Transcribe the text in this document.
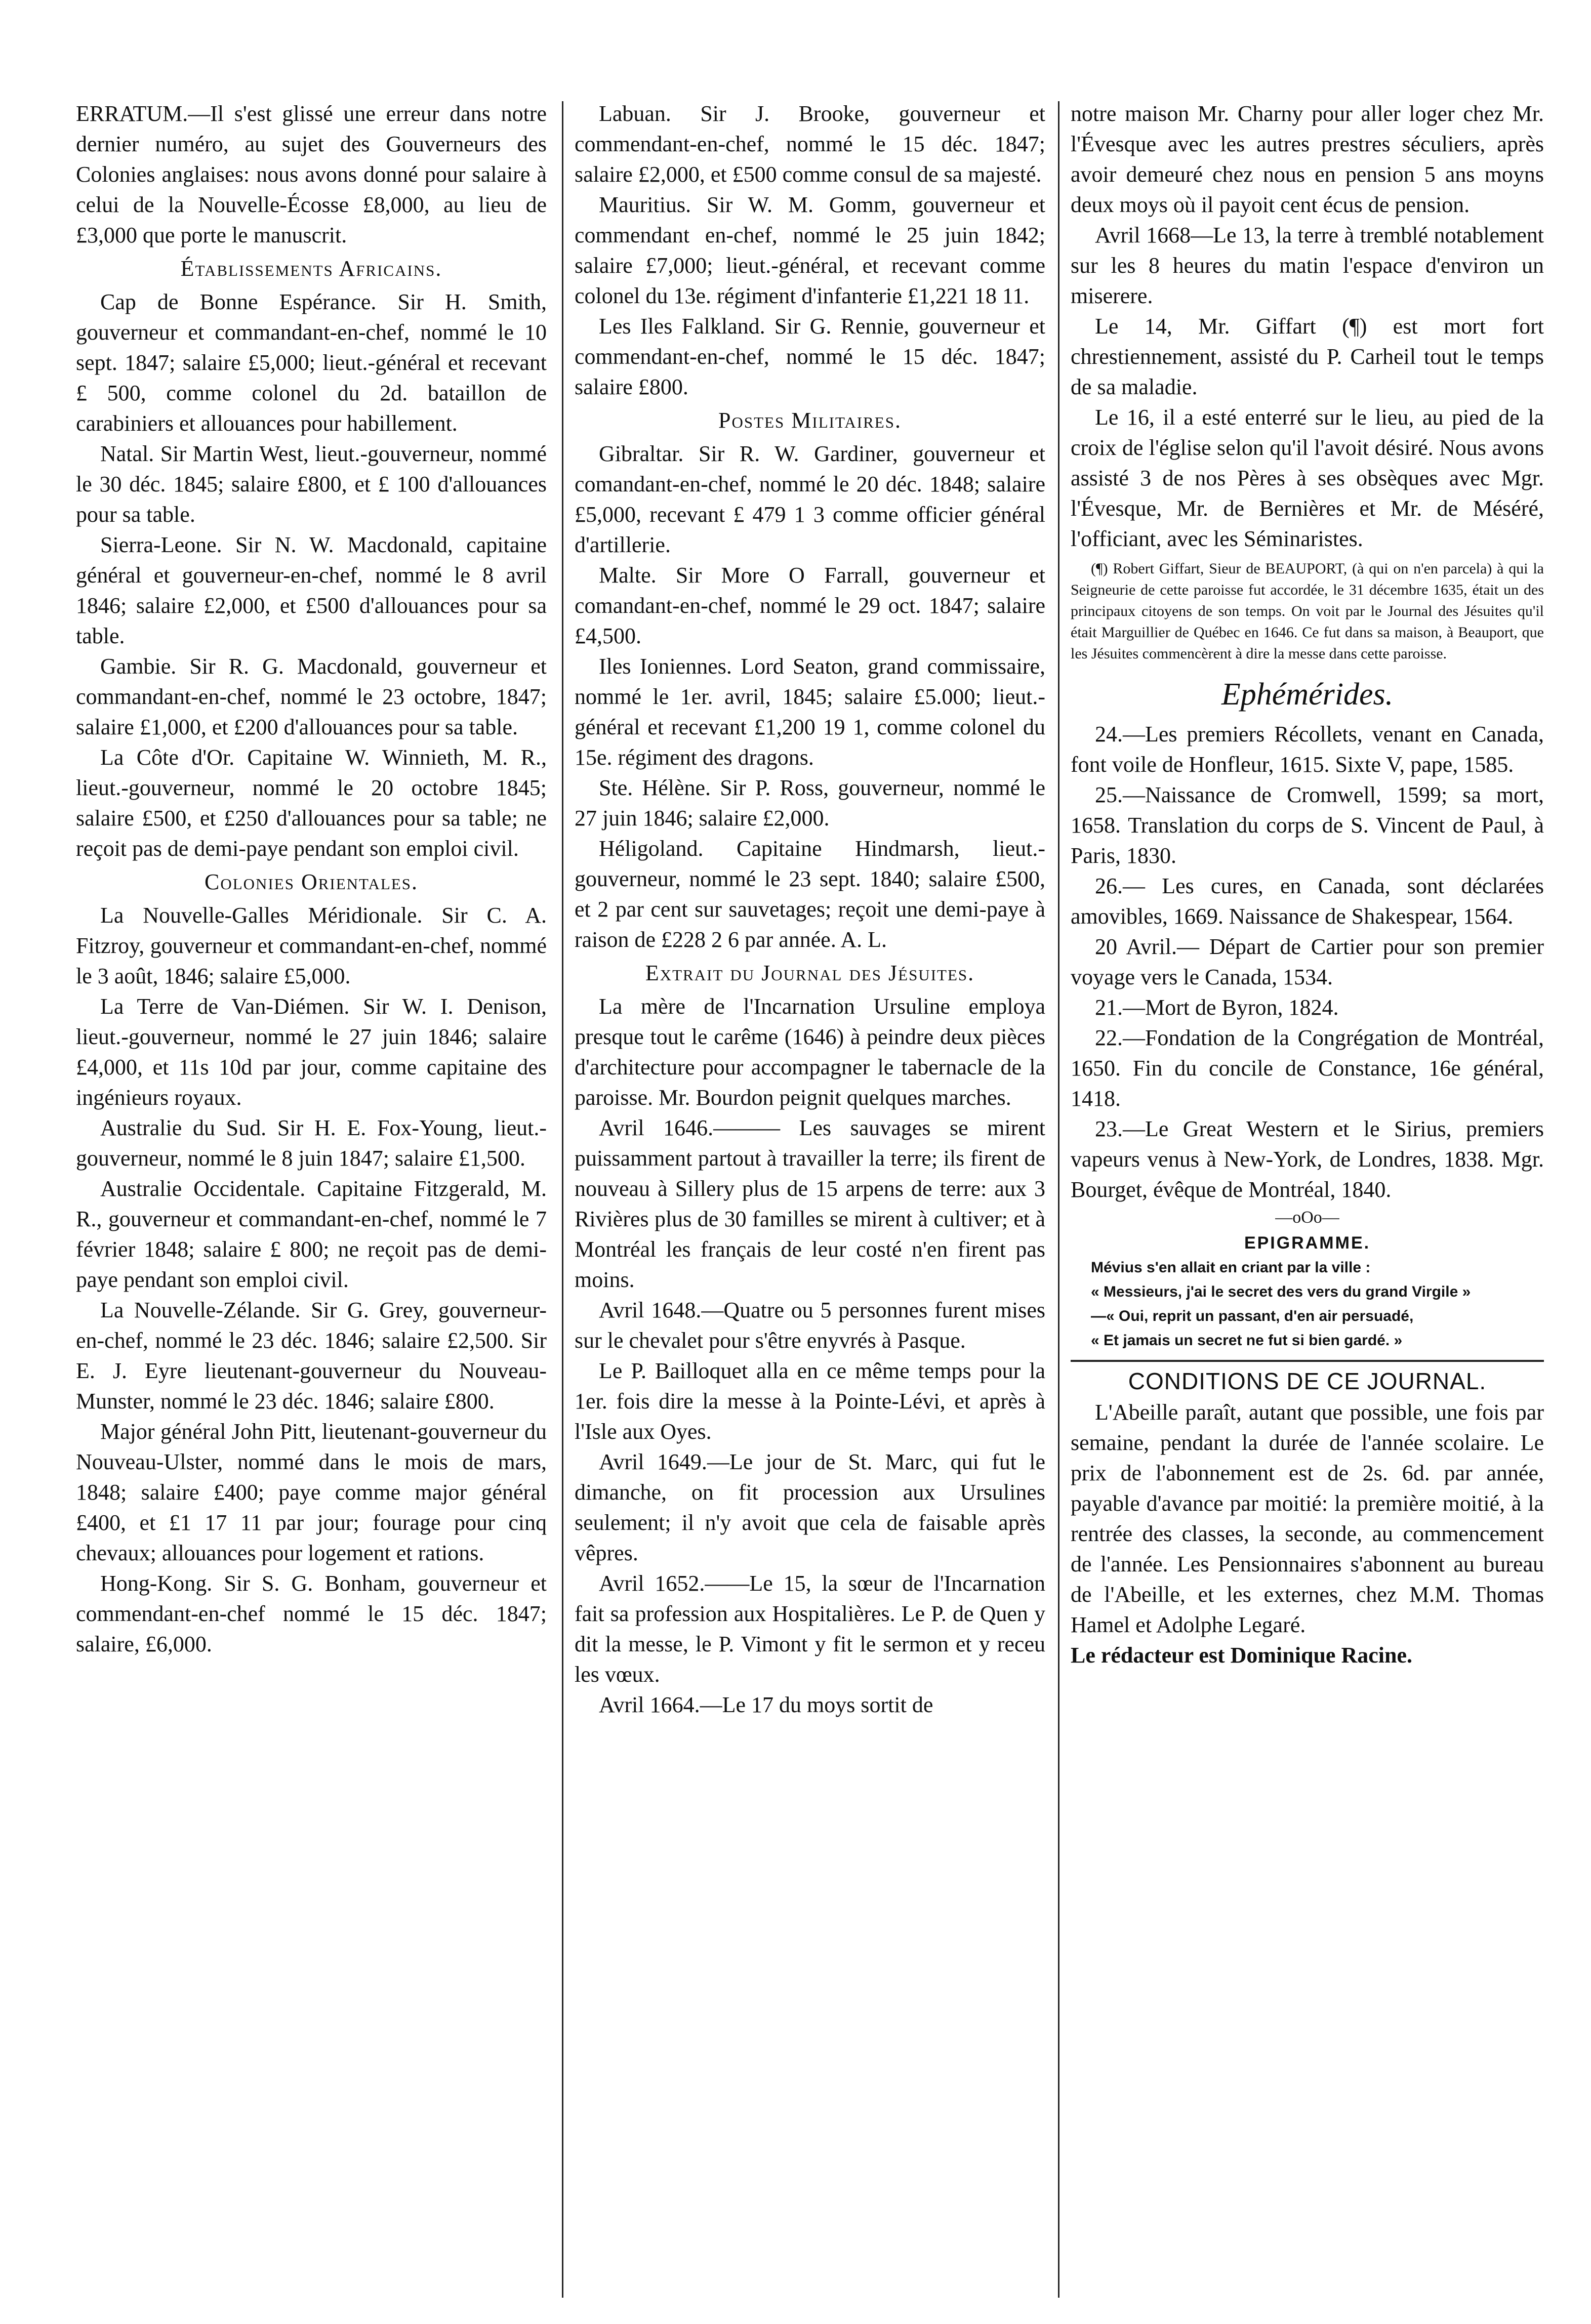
ERRATUM.—Il s'est glissé une erreur dans notre dernier numéro, au sujet des Gouverneurs des Colonies anglaises: nous avons donné pour salaire à celui de la Nouvelle-Écosse £8,000, au lieu de £3,000 que porte le manuscrit.

Établissements Africains.

Cap de Bonne Espérance. Sir H. Smith, gouverneur et commandant-en-chef, nommé le 10 sept. 1847; salaire £5,000; lieut.-général et recevant £ 500, comme colonel du 2d. bataillon de carabiniers et allouances pour habillement.

Natal. Sir Martin West, lieut.-gouverneur, nommé le 30 déc. 1845; salaire £800, et £ 100 d'allouances pour sa table.

Sierra-Leone. Sir N. W. Macdonald, capitaine général et gouverneur-en-chef, nommé le 8 avril 1846; salaire £2,000, et £500 d'allouances pour sa table.

Gambie. Sir R. G. Macdonald, gouverneur et commandant-en-chef, nommé le 23 octobre, 1847; salaire £1,000, et £200 d'allouances pour sa table.

La Côte d'Or. Capitaine W. Winnieth, M. R., lieut.-gouverneur, nommé le 20 octobre 1845; salaire £500, et £250 d'allouances pour sa table; ne reçoit pas de demi-paye pendant son emploi civil.

Colonies Orientales.

La Nouvelle-Galles Méridionale. Sir C. A. Fitzroy, gouverneur et commandant-en-chef, nommé le 3 août, 1846; salaire £5,000.

La Terre de Van-Diémen. Sir W. I. Denison, lieut.-gouverneur, nommé le 27 juin 1846; salaire £4,000, et 11s 10d par jour, comme capitaine des ingénieurs royaux.

Australie du Sud. Sir H. E. Fox-Young, lieut.-gouverneur, nommé le 8 juin 1847; salaire £1,500.

Australie Occidentale. Capitaine Fitzgerald, M. R., gouverneur et commandant-en-chef, nommé le 7 février 1848; salaire £ 800; ne reçoit pas de demi-paye pendant son emploi civil.

La Nouvelle-Zélande. Sir G. Grey, gouverneur-en-chef, nommé le 23 déc. 1846; salaire £2,500. Sir E. J. Eyre lieutenant-gouverneur du Nouveau-Munster, nommé le 23 déc. 1846; salaire £800.

Major général John Pitt, lieutenant-gouverneur du Nouveau-Ulster, nommé dans le mois de mars, 1848; salaire £400; paye comme major général £400, et £1 17 11 par jour; fourage pour cinq chevaux; allouances pour logement et rations.

Hong-Kong. Sir S. G. Bonham, gouverneur et commendant-en-chef nommé le 15 déc. 1847; salaire, £6,000.

Labuan. Sir J. Brooke, gouverneur et commendant-en-chef, nommé le 15 déc. 1847; salaire £2,000, et £500 comme consul de sa majesté.

Mauritius. Sir W. M. Gomm, gouverneur et commendant en-chef, nommé le 25 juin 1842; salaire £7,000; lieut.-général, et recevant comme colonel du 13e. régiment d'infanterie £1,221 18 11.

Les Iles Falkland. Sir G. Rennie, gouverneur et commendant-en-chef, nommé le 15 déc. 1847; salaire £800.

Postes Militaires.

Gibraltar. Sir R. W. Gardiner, gouverneur et comandant-en-chef, nommé le 20 déc. 1848; salaire £5,000, recevant £ 479 1 3 comme officier général d'artillerie.

Malte. Sir More O Farrall, gouverneur et comandant-en-chef, nommé le 29 oct. 1847; salaire £4,500.

Iles Ioniennes. Lord Seaton, grand commissaire, nommé le 1er. avril, 1845; salaire £5.000; lieut.-général et recevant £1,200 19 1, comme colonel du 15e. régiment des dragons.

Ste. Hélène. Sir P. Ross, gouverneur, nommé le 27 juin 1846; salaire £2,000.

Héligoland. Capitaine Hindmarsh, lieut.-gouverneur, nommé le 23 sept. 1840; salaire £500, et 2 par cent sur sauvetages; reçoit une demi-paye à raison de £228 2 6 par année. A. L.

Extrait du Journal des Jésuites.

La mère de l'Incarnation Ursuline employa presque tout le carême (1646) à peindre deux pièces d'architecture pour accompagner le tabernacle de la paroisse. Mr. Bourdon peignit quelques marches.

Avril 1646.——— Les sauvages se mirent puissamment partout à travailler la terre; ils firent de nouveau à Sillery plus de 15 arpens de terre: aux 3 Rivières plus de 30 familles se mirent à cultiver; et à Montréal les français de leur costé n'en firent pas moins.

Avril 1648.—Quatre ou 5 personnes furent mises sur le chevalet pour s'être enyvrés à Pasque.

Le P. Bailloquet alla en ce même temps pour la 1er. fois dire la messe à la Pointe-Lévi, et après à l'Isle aux Oyes.

Avril 1649.—Le jour de St. Marc, qui fut le dimanche, on fit procession aux Ursulines seulement; il n'y avoit que cela de faisable après vêpres.

Avril 1652.——Le 15, la sœur de l'Incarnation fait sa profession aux Hospitalières. Le P. de Quen y dit la messe, le P. Vimont y fit le sermon et y receu les vœux.

Avril 1664.—Le 17 du moys sortit de

notre maison Mr. Charny pour aller loger chez Mr. l'Évesque avec les autres prestres séculiers, après avoir demeuré chez nous en pension 5 ans moyns deux moys où il payoit cent écus de pension.

Avril 1668—Le 13, la terre à tremblé notablement sur les 8 heures du matin l'espace d'environ un miserere.

Le 14, Mr. Giffart (¶) est mort fort chrestiennement, assisté du P. Carheil tout le temps de sa maladie.

Le 16, il a esté enterré sur le lieu, au pied de la croix de l'église selon qu'il l'avoit désiré. Nous avons assisté 3 de nos Pères à ses obsèques avec Mgr. l'Évesque, Mr. de Bernières et Mr. de Méséré, l'officiant, avec les Séminaristes.

(¶) Robert Giffart, Sieur de BEAUPORT, (à qui on n'en parcela) à qui la Seigneurie de cette paroisse fut accordée, le 31 décembre 1635, était un des principaux citoyens de son temps. On voit par le Journal des Jésuites qu'il était Marguillier de Québec en 1646. Ce fut dans sa maison, à Beauport, que les Jésuites commencèrent à dire la messe dans cette paroisse.

Ephémérides.

24.—Les premiers Récollets, venant en Canada, font voile de Honfleur, 1615. Sixte V, pape, 1585.

25.—Naissance de Cromwell, 1599; sa mort, 1658. Translation du corps de S. Vincent de Paul, à Paris, 1830.

26.— Les cures, en Canada, sont déclarées amovibles, 1669. Naissance de Shakespear, 1564.

20 Avril.— Départ de Cartier pour son premier voyage vers le Canada, 1534.

21.—Mort de Byron, 1824.

22.—Fondation de la Congrégation de Montréal, 1650. Fin du concile de Constance, 16e général, 1418.

23.—Le Great Western et le Sirius, premiers vapeurs venus à New-York, de Londres, 1838. Mgr. Bourget, évêque de Montréal, 1840.

—oOo—

EPIGRAMME.

Mévius s'en allait en criant par la ville :

« Messieurs, j'ai le secret des vers du grand Virgile »

—« Oui, reprit un passant, d'en air persuadé,

« Et jamais un secret ne fut si bien gardé. »

CONDITIONS DE CE JOURNAL.

L'Abeille paraît, autant que possible, une fois par semaine, pendant la durée de l'année scolaire. Le prix de l'abonnement est de 2s. 6d. par année, payable d'avance par moitié: la première moitié, à la rentrée des classes, la seconde, au commencement de l'année. Les Pensionnaires s'abonnent au bureau de l'Abeille, et les externes, chez M.M. Thomas Hamel et Adolphe Legaré.

Le rédacteur est Dominique Racine.
